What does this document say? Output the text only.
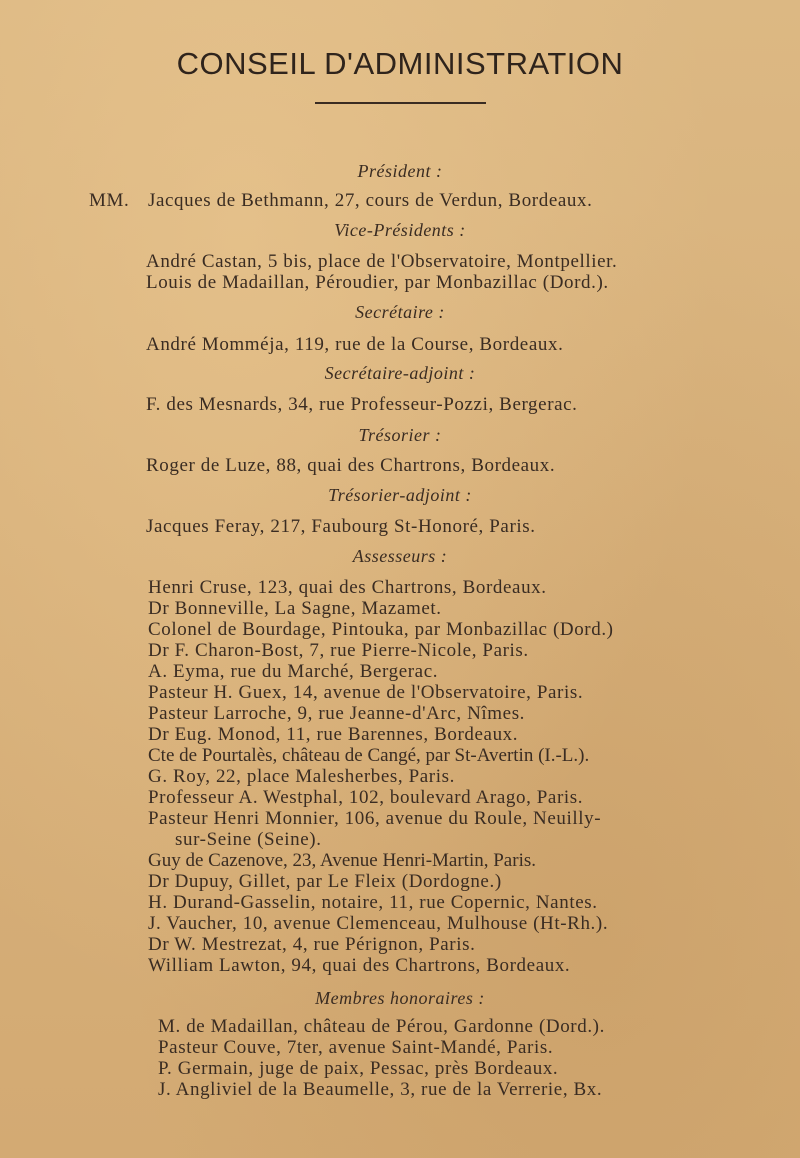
CONSEIL D'ADMINISTRATION
MM.
Président :
Jacques de Bethmann, 27, cours de Verdun, Bordeaux.
Vice-Présidents :
André Castan, 5 bis, place de l'Observatoire, Montpellier.
Louis de Madaillan, Péroudier, par Monbazillac (Dord.).
Secrétaire :
André Momméja, 119, rue de la Course, Bordeaux.
Secrétaire-adjoint :
F. des Mesnards, 34, rue Professeur-Pozzi, Bergerac.
Trésorier :
Roger de Luze, 88, quai des Chartrons, Bordeaux.
Trésorier-adjoint :
Jacques Feray, 217, Faubourg St-Honoré, Paris.
Assesseurs :
Henri Cruse, 123, quai des Chartrons, Bordeaux.
Dr Bonneville, La Sagne, Mazamet.
Colonel de Bourdage, Pintouka, par Monbazillac (Dord.)
Dr F. Charon-Bost, 7, rue Pierre-Nicole, Paris.
A. Eyma, rue du Marché, Bergerac.
Pasteur H. Guex, 14, avenue de l'Observatoire, Paris.
Pasteur Larroche, 9, rue Jeanne-d'Arc, Nîmes.
Dr Eug. Monod, 11, rue Barennes, Bordeaux.
Cte de Pourtalès, château de Cangé, par St-Avertin (I.-L.).
G. Roy, 22, place Malesherbes, Paris.
Professeur A. Westphal, 102, boulevard Arago, Paris.
Pasteur Henri Monnier, 106, avenue du Roule, Neuilly-
sur-Seine (Seine).
Guy de Cazenove, 23, Avenue Henri-Martin, Paris.
Dr Dupuy, Gillet, par Le Fleix (Dordogne.)
H. Durand-Gasselin, notaire, 11, rue Copernic, Nantes.
J. Vaucher, 10, avenue Clemenceau, Mulhouse (Ht-Rh.).
Dr W. Mestrezat, 4, rue Pérignon, Paris.
William Lawton, 94, quai des Chartrons, Bordeaux.
Membres honoraires :
M. de Madaillan, château de Pérou, Gardonne (Dord.).
Pasteur Couve, 7ter, avenue Saint-Mandé, Paris.
P. Germain, juge de paix, Pessac, près Bordeaux.
J. Angliviel de la Beaumelle, 3, rue de la Verrerie, Bx.
